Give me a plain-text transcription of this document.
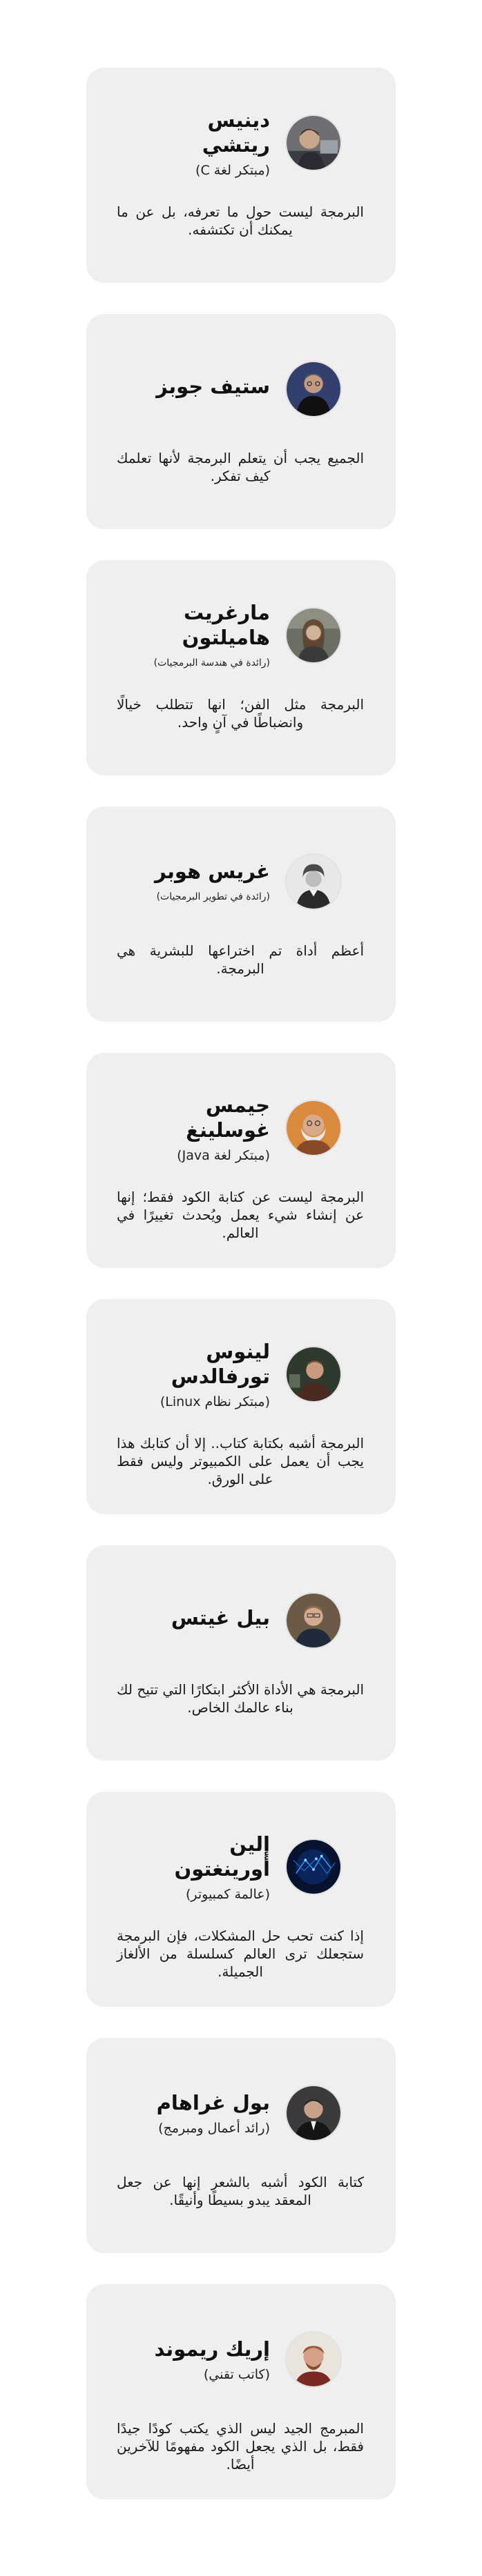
دينيس ريتشي
(مبتكر لغة C)
البرمجة ليست حول ما تعرفه، بل عن ما يمكنك أن تكتشفه.
ستيف جوبز
الجميع يجب أن يتعلم البرمجة لأنها تعلمك كيف تفكر.
مارغريت هاميلتون
(رائدة في هندسة البرمجيات)
البرمجة مثل الفن؛ انها تتطلب خيالًا وانضباطًا في آنٍ واحد.
غريس هوبر
(رائدة في تطوير البرمجيات)
أعظم أداة تم اختراعها للبشرية هي البرمجة.
جيمس غوسلينغ
(مبتكر لغة Java)
البرمجة ليست عن كتابة الكود فقط؛ إنها عن إنشاء شيء يعمل ويُحدث تغييرًا في العالم.
لينوس تورفالدس
(مبتكر نظام Linux)
البرمجة أشبه بكتابة كتاب.. إلا أن كتابك هذا يجب أن يعمل على الكمبيوتر وليس فقط على الورق.
بيل غيتس
البرمجة هي الأداة الأكثر ابتكارًا التي تتيح لك بناء عالمك الخاص.
إلين أورينغتون
(عالمة كمبيوتر)
إذا كنت تحب حل المشكلات، فإن البرمجة ستجعلك ترى العالم كسلسلة من الألغاز الجميلة.
بول غراهام
(رائد أعمال ومبرمج)
كتابة الكود أشبه بالشعر إنها عن جعل المعقد يبدو بسيطًا وأنيقًا.
إريك ريموند
(كاتب تقني)
المبرمج الجيد ليس الذي يكتب كودًا جيدًا فقط، بل الذي يجعل الكود مفهومًا للآخرين أيضًا.
